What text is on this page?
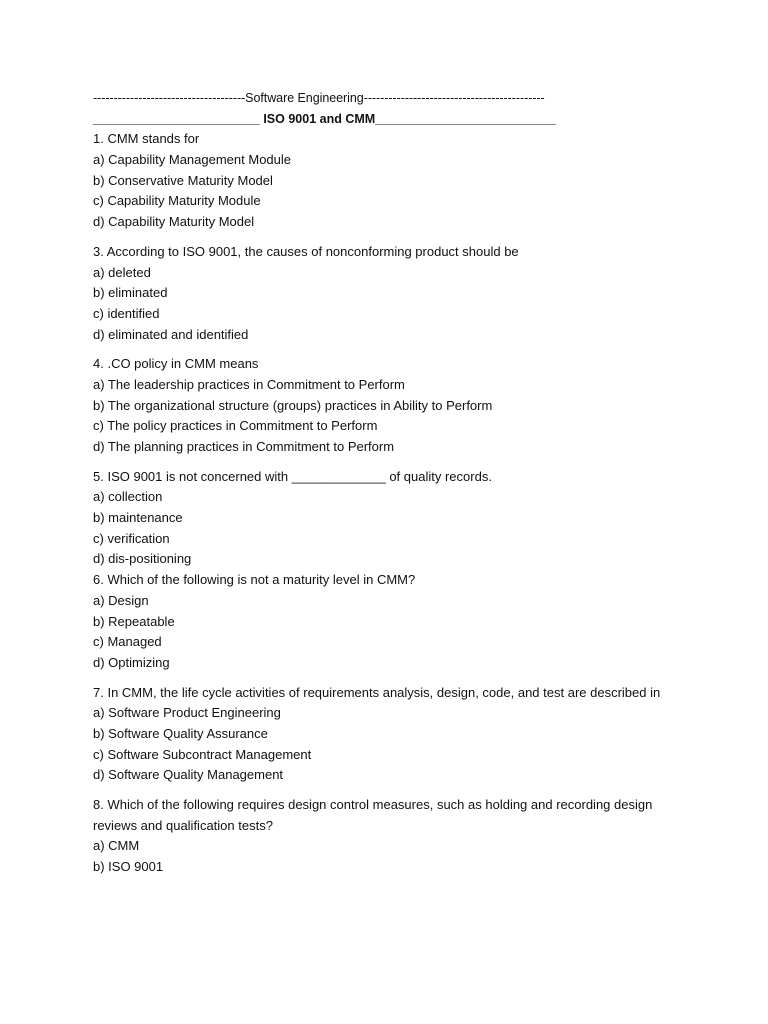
-------------------------------------Software Engineering--------------------------------------------
________________________ ISO 9001 and CMM__________________________
1. CMM stands for
a) Capability Management Module
b) Conservative Maturity Model
c) Capability Maturity Module
d) Capability Maturity Model
3. According to ISO 9001, the causes of nonconforming product should be
a) deleted
b) eliminated
c) identified
d) eliminated and identified
4. .CO policy in CMM means
a) The leadership practices in Commitment to Perform
b) The organizational structure (groups) practices in Ability to Perform
c) The policy practices in Commitment to Perform
d) The planning practices in Commitment to Perform
5. ISO 9001 is not concerned with _____________ of quality records.
a) collection
b) maintenance
c) verification
d) dis-positioning
6. Which of the following is not a maturity level in CMM?
a) Design
b) Repeatable
c) Managed
d) Optimizing
7. In CMM, the life cycle activities of requirements analysis, design, code, and test are described in
a) Software Product Engineering
b) Software Quality Assurance
c) Software Subcontract Management
d) Software Quality Management
8. Which of the following requires design control measures, such as holding and recording design reviews and qualification tests?
a) CMM
b) ISO 9001
